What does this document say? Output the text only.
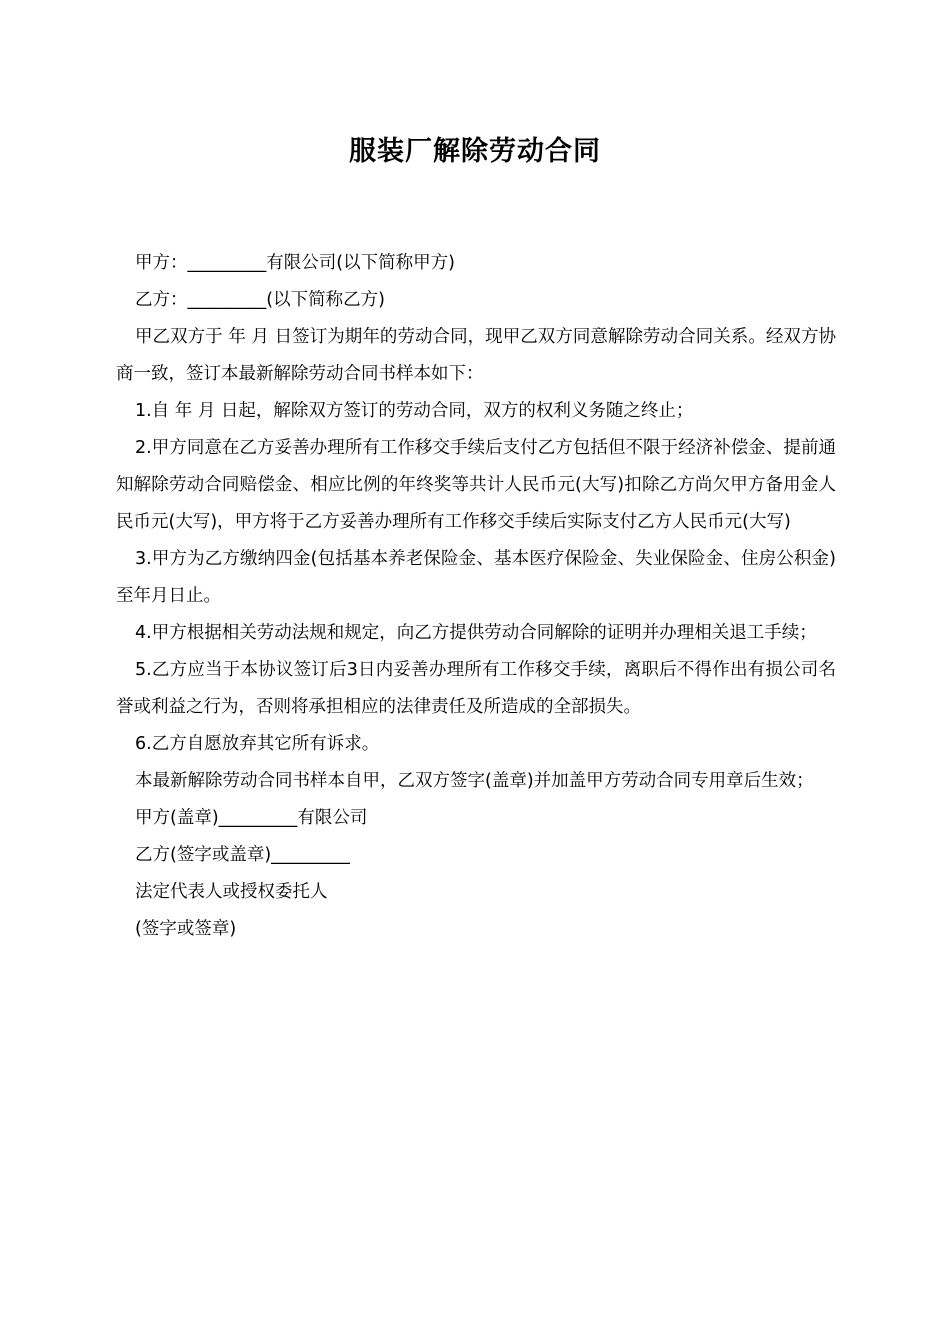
服装厂解除劳动合同

甲方：_________有限公司(以下简称甲方)

乙方：_________(以下简称乙方)

甲乙双方于 年 月 日签订为期年的劳动合同，现甲乙双方同意解除劳动合同关系。经双方协商一致，签订本最新解除劳动合同书样本如下：

1.自 年 月 日起，解除双方签订的劳动合同，双方的权利义务随之终止；

2.甲方同意在乙方妥善办理所有工作移交手续后支付乙方包括但不限于经济补偿金、提前通知解除劳动合同赔偿金、相应比例的年终奖等共计人民币元(大写)扣除乙方尚欠甲方备用金人民币元(大写)，甲方将于乙方妥善办理所有工作移交手续后实际支付乙方人民币元(大写)

3.甲方为乙方缴纳四金(包括基本养老保险金、基本医疗保险金、失业保险金、住房公积金)至年月日止。

4.甲方根据相关劳动法规和规定，向乙方提供劳动合同解除的证明并办理相关退工手续；

5.乙方应当于本协议签订后3日内妥善办理所有工作移交手续，离职后不得作出有损公司名誉或利益之行为，否则将承担相应的法律责任及所造成的全部损失。

6.乙方自愿放弃其它所有诉求。

本最新解除劳动合同书样本自甲，乙双方签字(盖章)并加盖甲方劳动合同专用章后生效；

甲方(盖章)_________有限公司

乙方(签字或盖章)_________

法定代表人或授权委托人

(签字或签章)
